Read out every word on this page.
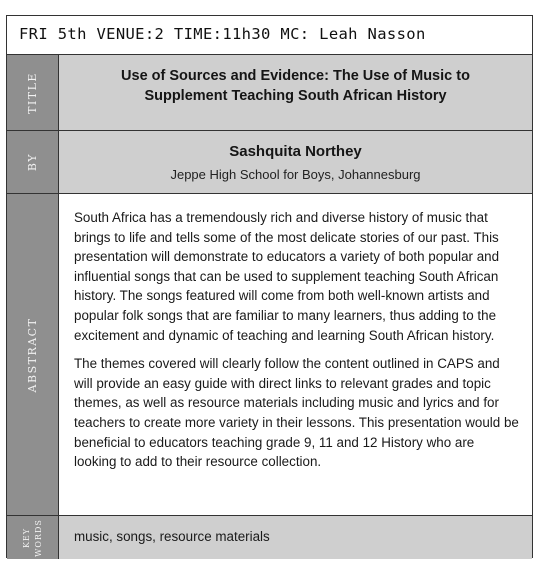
FRI 5th VENUE:2 TIME:11h30 MC: Leah Nasson
TITLE	Use of Sources and Evidence: The Use of Music to
Supplement Teaching South African History
BY
Sashquita Northey
Jeppe High School for Boys, Johannesburg
ABSTRACT

South Africa has a tremendously rich and diverse history of music that brings to life and tells some of the most delicate stories of our past. This presentation will demonstrate to educators a variety of both popular and influential songs that can be used to supplement teaching South African history. The songs featured will come from both well-known artists and popular folk songs that are familiar to many learners, thus adding to the excitement and dynamic of teaching and learning South African history.

The themes covered will clearly follow the content outlined in CAPS and will provide an easy guide with direct links to relevant grades and topic themes, as well as resource materials including music and lyrics and for teachers to create more variety in their lessons. This presentation would be beneficial to educators teaching grade 9, 11 and 12 History who are looking to add to their resource collection.

KEY WORDS music, songs, resource materials
